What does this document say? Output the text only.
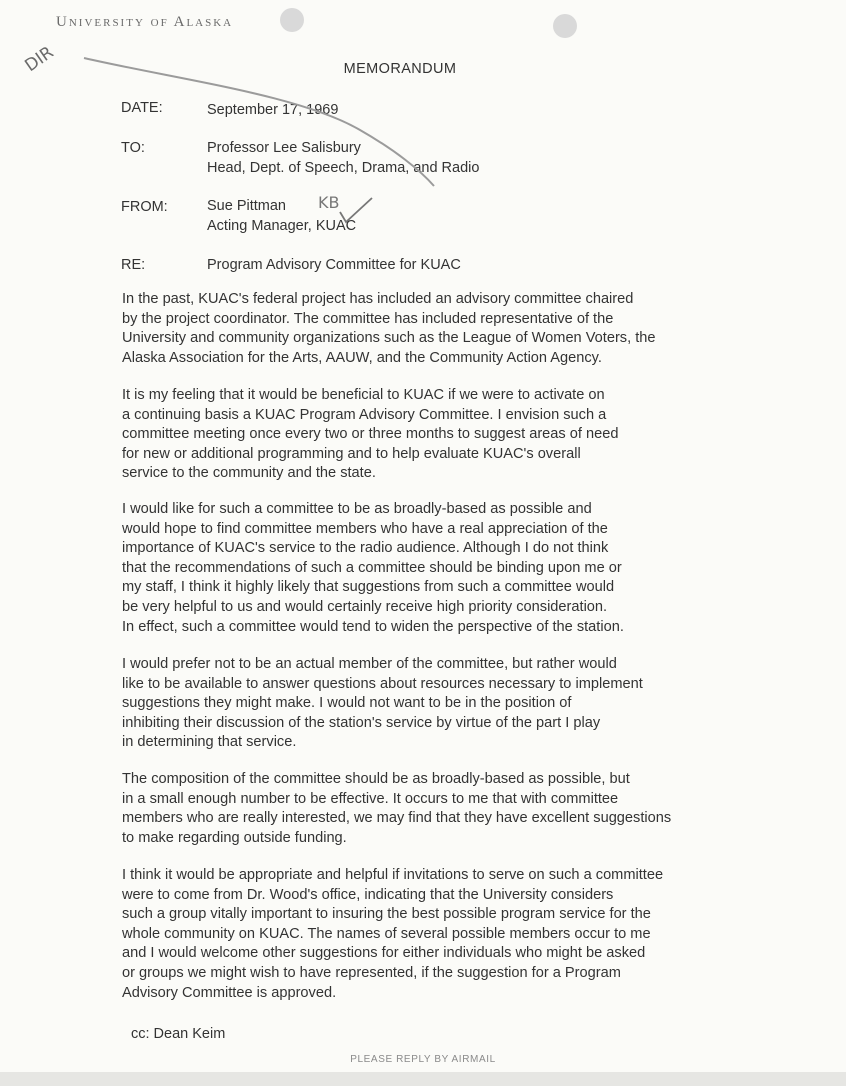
University of Alaska
MEMORANDUM
DATE:	September 17, 1969
TO:	Professor Lee Salisbury
Head, Dept. of Speech, Drama, and Radio
FROM:	Sue Pittman
Acting Manager, KUAC
RE:	Program Advisory Committee for KUAC
In the past, KUAC's federal project has included an advisory committee chaired
by the project coordinator. The committee has included representative of the
University and community organizations such as the League of Women Voters, the
Alaska Association for the Arts, AAUW, and the Community Action Agency.
It is my feeling that it would be beneficial to KUAC if we were to activate on
a continuing basis a KUAC Program Advisory Committee. I envision such a
committee meeting once every two or three months to suggest areas of need
for new or additional programming and to help evaluate KUAC's overall
service to the community and the state.
I would like for such a committee to be as broadly-based as possible and
would hope to find committee members who have a real appreciation of the
importance of KUAC's service to the radio audience. Although I do not think
that the recommendations of such a committee should be binding upon me or
my staff, I think it highly likely that suggestions from such a committee would
be very helpful to us and would certainly receive high priority consideration.
In effect, such a committee would tend to widen the perspective of the station.
I would prefer not to be an actual member of the committee, but rather would
like to be available to answer questions about resources necessary to implement
suggestions they might make. I would not want to be in the position of
inhibiting their discussion of the station's service by virtue of the part I play
in determining that service.
The composition of the committee should be as broadly-based as possible, but
in a small enough number to be effective. It occurs to me that with committee
members who are really interested, we may find that they have excellent suggestions
to make regarding outside funding.
I think it would be appropriate and helpful if invitations to serve on such a committee
were to come from Dr. Wood's office, indicating that the University considers
such a group vitally important to insuring the best possible program service for the
whole community on KUAC. The names of several possible members occur to me
and I would welcome other suggestions for either individuals who might be asked
or groups we might wish to have represented, if the suggestion for a Program
Advisory Committee is approved.
cc: Dean Keim
PLEASE REPLY BY AIRMAIL
DIR
KB
